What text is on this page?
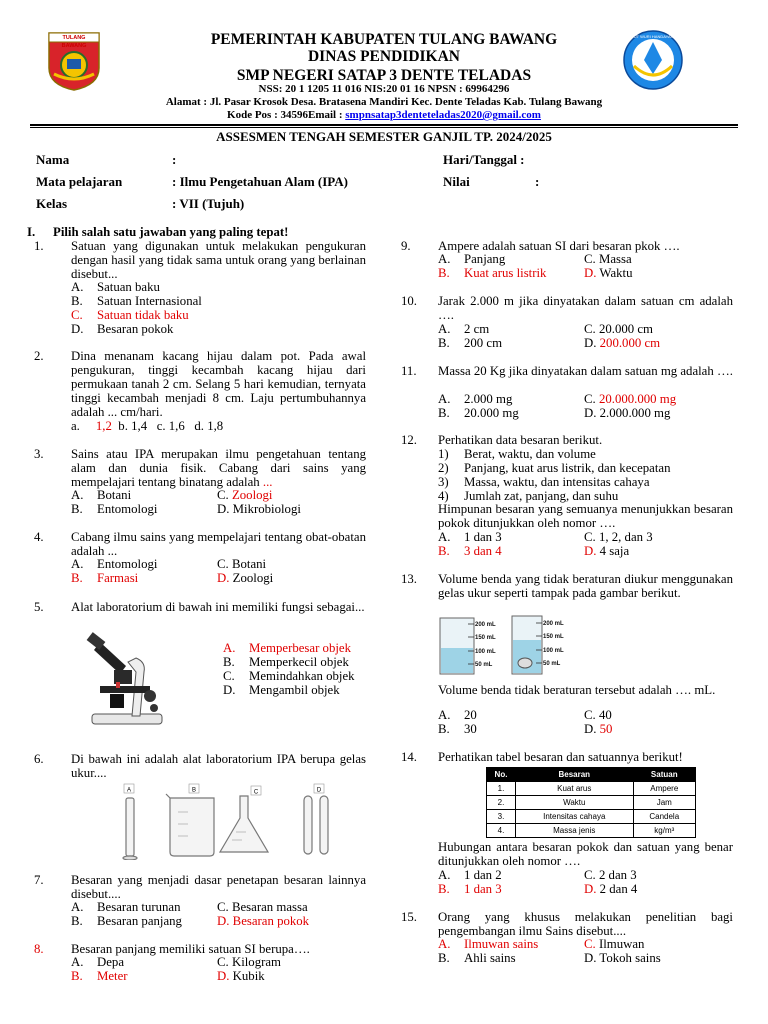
TULANG BAWANG
TUT WURI HANDAYANI
PEMERINTAH KABUPATEN TULANG BAWANG
DINAS PENDIDIKAN
SMP NEGERI SATAP 3 DENTE TELADAS
NSS: 20 1 1205 11 016 NIS:20 01 16 NPSN : 69964296
Alamat : Jl. Pasar Krosok Desa. Bratasena Mandiri Kec. Dente Teladas Kab. Tulang Bawang
Kode Pos : 34596Email : smpnsatap3denteteladas2020@gmail.com
ASSESMEN TENGAH SEMESTER GANJIL TP. 2024/2025
Nama	:
Mata pelajaran	: Ilmu Pengetahuan Alam (IPA)
Kelas	: VII (Tujuh)
Hari/Tanggal :
Nilai	:
I. Pilih salah satu jawaban yang paling tepat!
1.	Satuan yang digunakan untuk melakukan pengukuran dengan hasil yang tidak sama untuk orang yang berlainan disebut...
A. Satuan baku
B. Satuan Internasional
C. Satuan tidak baku
D. Besaran pokok
2.	Dina menanam kacang hijau dalam pot. Pada awal pengukuran, tinggi kecambah kacang hijau dari permukaan tanah 2 cm. Selang 5 hari kemudian, ternyata tinggi kecambah menjadi 8 cm. Laju pertumbuhannya adalah ... cm/hari.
a. 1,2 b. 1,4 c. 1,6 d. 1,8
3.	Sains atau IPA merupakan ilmu pengetahuan tentang alam dan dunia fisik. Cabang dari sains yang mempelajari tentang binatang adalah ...
A. Botani
B. Entomologi
C. Zoologi
D. Mikrobiologi
4.	Cabang ilmu sains yang mempelajari tentang obat-obatan adalah ...
A. Entomologi
B. Farmasi
C. Botani
D. Zoologi
5.	Alat laboratorium di bawah ini memiliki fungsi sebagai...
A. Memperbesar objek
B. Memperkecil objek
C. Memindahkan objek
D. Mengambil objek
6.	Di bawah ini adalah alat laboratorium IPA berupa gelas ukur....
A	B	C	D
7.	Besaran yang menjadi dasar penetapan besaran lainnya disebut....
A. Besaran turunan
B. Besaran panjang
C. Besaran massa
D. Besaran pokok
8.	Besaran panjang memiliki satuan SI berupa….
A. Depa
B. Meter
C. Kilogram
D. Kubik
9.	Ampere adalah satuan SI dari besaran pkok ….
A. Panjang
B. Kuat arus listrik
C. Massa
D. Waktu
10.	Jarak 2.000 m jika dinyatakan dalam satuan cm adalah ….
A. 2 cm
B. 200 cm
C. 20.000 cm
D. 200.000 cm
11.	Massa 20 Kg jika dinyatakan dalam satuan mg adalah ….
A. 2.000 mg
B. 20.000 mg
C. 20.000.000 mg
D. 2.000.000 mg
12.	Perhatikan data besaran berikut.
1) Berat, waktu, dan volume
2) Panjang, kuat arus listrik, dan kecepatan
3) Massa, waktu, dan intensitas cahaya
4) Jumlah zat, panjang, dan suhu
Himpunan besaran yang semuanya menunjukkan besaran pokok ditunjukkan oleh nomor ….
A. 1 dan 3
B. 3 dan 4
C. 1, 2, dan 3
D. 4 saja
13.	Volume benda yang tidak beraturan diukur menggunakan gelas ukur seperti tampak pada gambar berikut.
200 mL
150 mL
100 mL
50 mL
200 mL
150 mL
100 mL
50 mL
Volume benda tidak beraturan tersebut adalah …. mL.
A. 20
B. 30
C. 40
D. 50
14.	Perhatikan tabel besaran dan satuannya berikut!
No.	Besaran	Satuan
1.	Kuat arus	Ampere
2.	Waktu	Jam
3.	Intensitas cahaya	Candela
4.	Massa jenis	kg/m³
Hubungan antara besaran pokok dan satuan yang benar ditunjukkan oleh nomor ….
A. 1 dan 2
B. 1 dan 3
C. 2 dan 3
D. 2 dan 4
15.	Orang yang khusus melakukan penelitian bagi pengembangan ilmu Sains disebut....
A. Ilmuwan sains
B. Ahli sains
C. Ilmuwan
D. Tokoh sains
